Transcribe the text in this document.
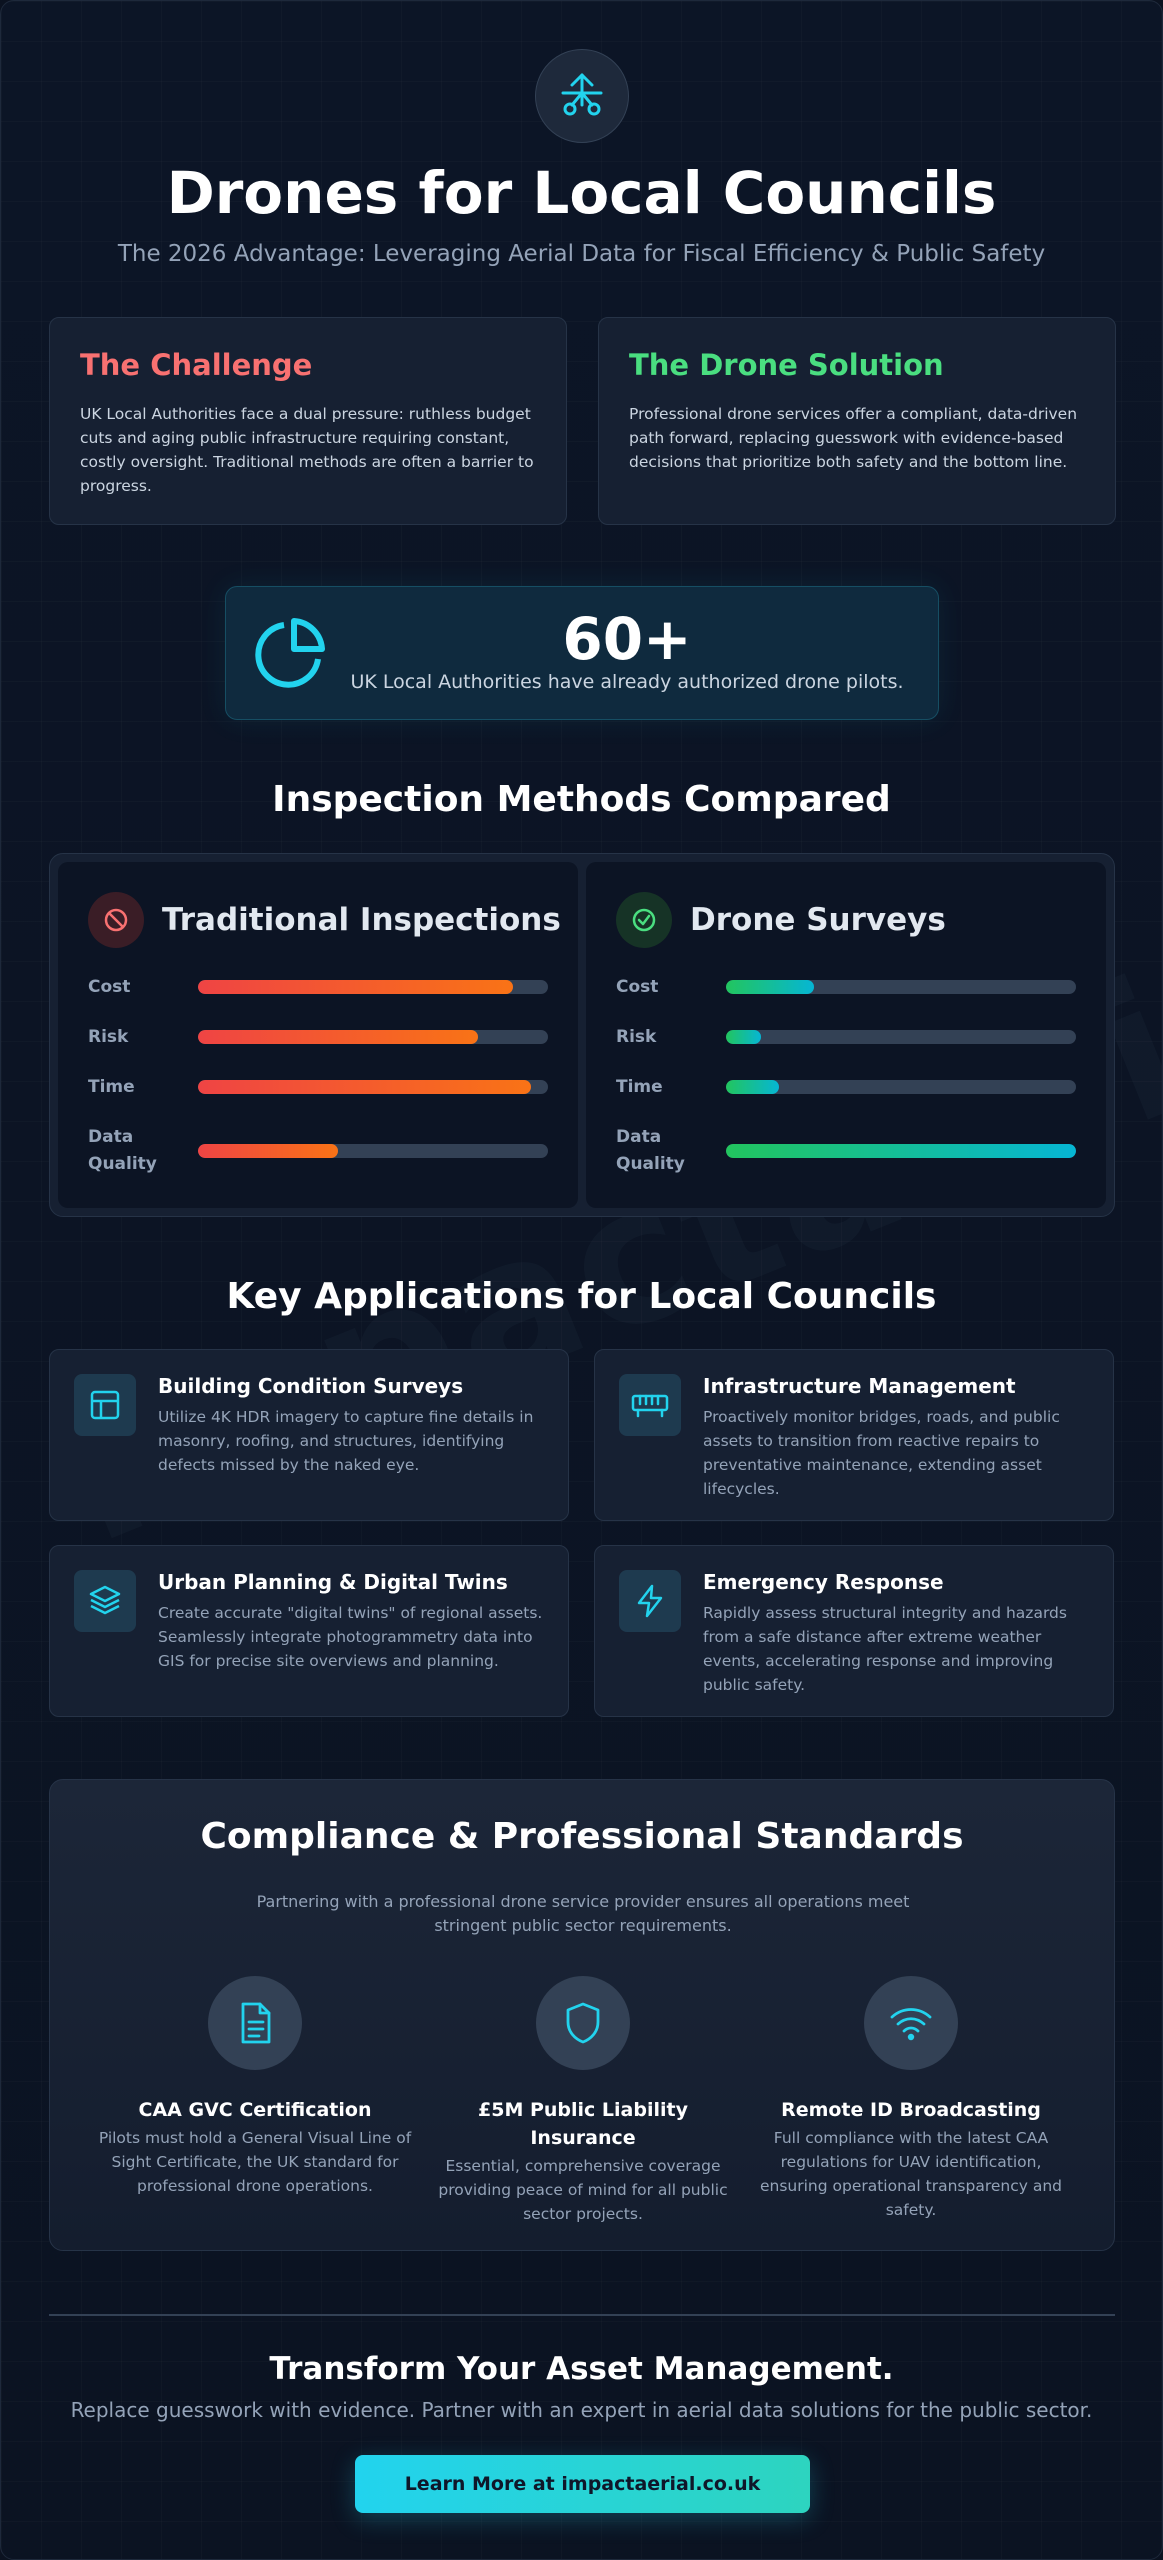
Drones for Local Councils

The 2026 Advantage: Leveraging Aerial Data for Fiscal Efficiency & Public Safety

The Challenge

UK Local Authorities face a dual pressure: ruthless budget cuts and aging public infrastructure requiring constant, costly oversight. Traditional methods are often a barrier to progress.

The Drone Solution

Professional drone services offer a compliant, data-driven path forward, replacing guesswork with evidence-based decisions that prioritize both safety and the bottom line.

60+
UK Local Authorities have already authorized drone pilots.
Inspection Methods Compared
Traditional Inspections
Cost
Risk
Time
Data Quality
Drone Surveys
Cost
Risk
Time
Data Quality
Key Applications for Local Councils
Building Condition Surveys

Utilize 4K HDR imagery to capture fine details in masonry, roofing, and structures, identifying defects missed by the naked eye.

Infrastructure Management

Proactively monitor bridges, roads, and public assets to transition from reactive repairs to preventative maintenance, extending asset lifecycles.

Urban Planning & Digital Twins

Create accurate "digital twins" of regional assets. Seamlessly integrate photogrammetry data into GIS for precise site overviews and planning.

Emergency Response

Rapidly assess structural integrity and hazards from a safe distance after extreme weather events, accelerating response and improving public safety.

Compliance & Professional Standards

Partnering with a professional drone service provider ensures all operations meet stringent public sector requirements.

CAA GVC Certification

Pilots must hold a General Visual Line of Sight Certificate, the UK standard for professional drone operations.

£5M Public Liability Insurance

Essential, comprehensive coverage providing peace of mind for all public sector projects.

Remote ID Broadcasting

Full compliance with the latest CAA regulations for UAV identification, ensuring operational transparency and safety.

Transform Your Asset Management.

Replace guesswork with evidence. Partner with an expert in aerial data solutions for the public sector.

Learn More at impactaerial.co.uk
